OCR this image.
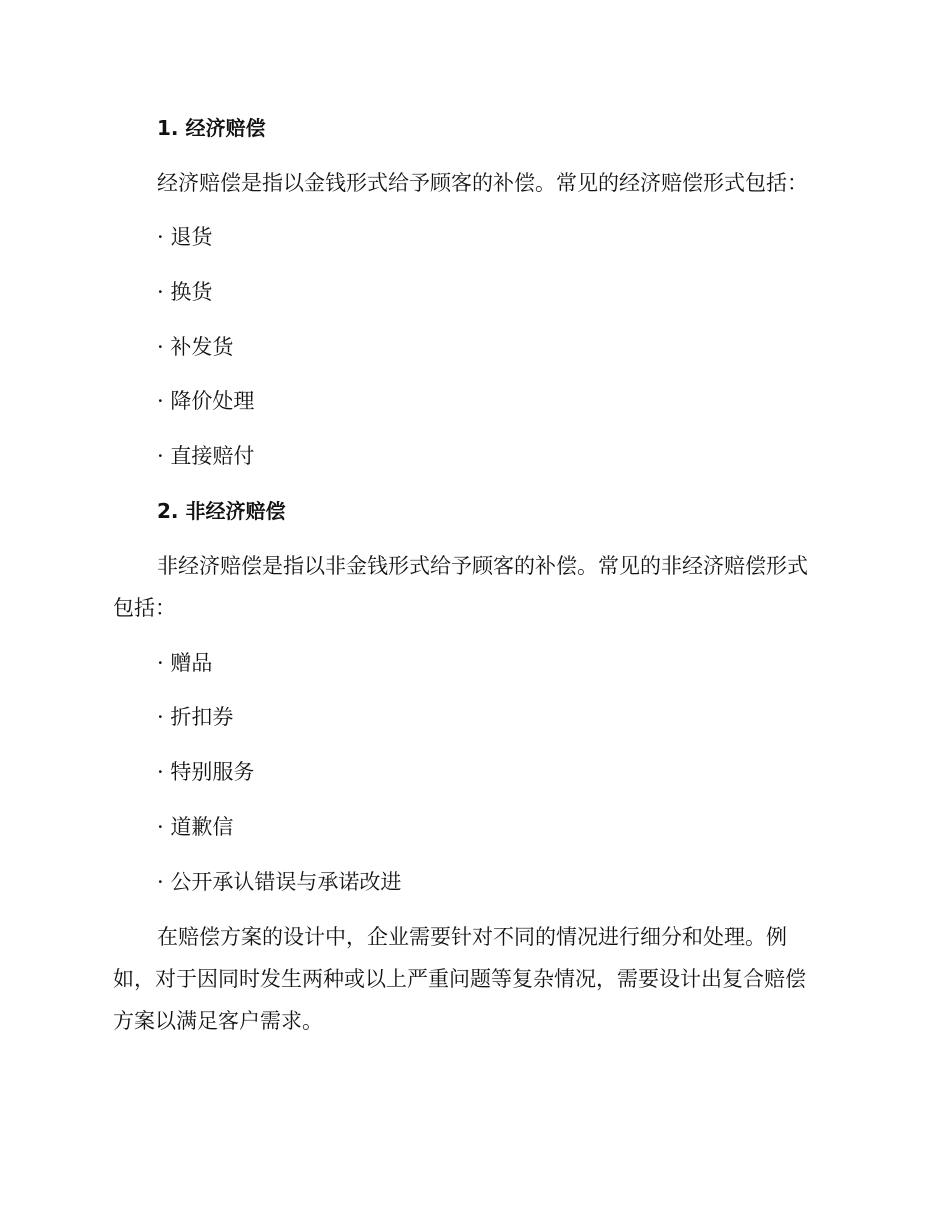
1. 经济赔偿
经济赔偿是指以金钱形式给予顾客的补偿。常见的经济赔偿形式包括：
· 退货
· 换货
· 补发货
· 降价处理
· 直接赔付
2. 非经济赔偿
非经济赔偿是指以非金钱形式给予顾客的补偿。常见的非经济赔偿形式
包括：
· 赠品
· 折扣券
· 特别服务
· 道歉信
· 公开承认错误与承诺改进
在赔偿方案的设计中，企业需要针对不同的情况进行细分和处理。例
如，对于因同时发生两种或以上严重问题等复杂情况，需要设计出复合赔偿
方案以满足客户需求。
